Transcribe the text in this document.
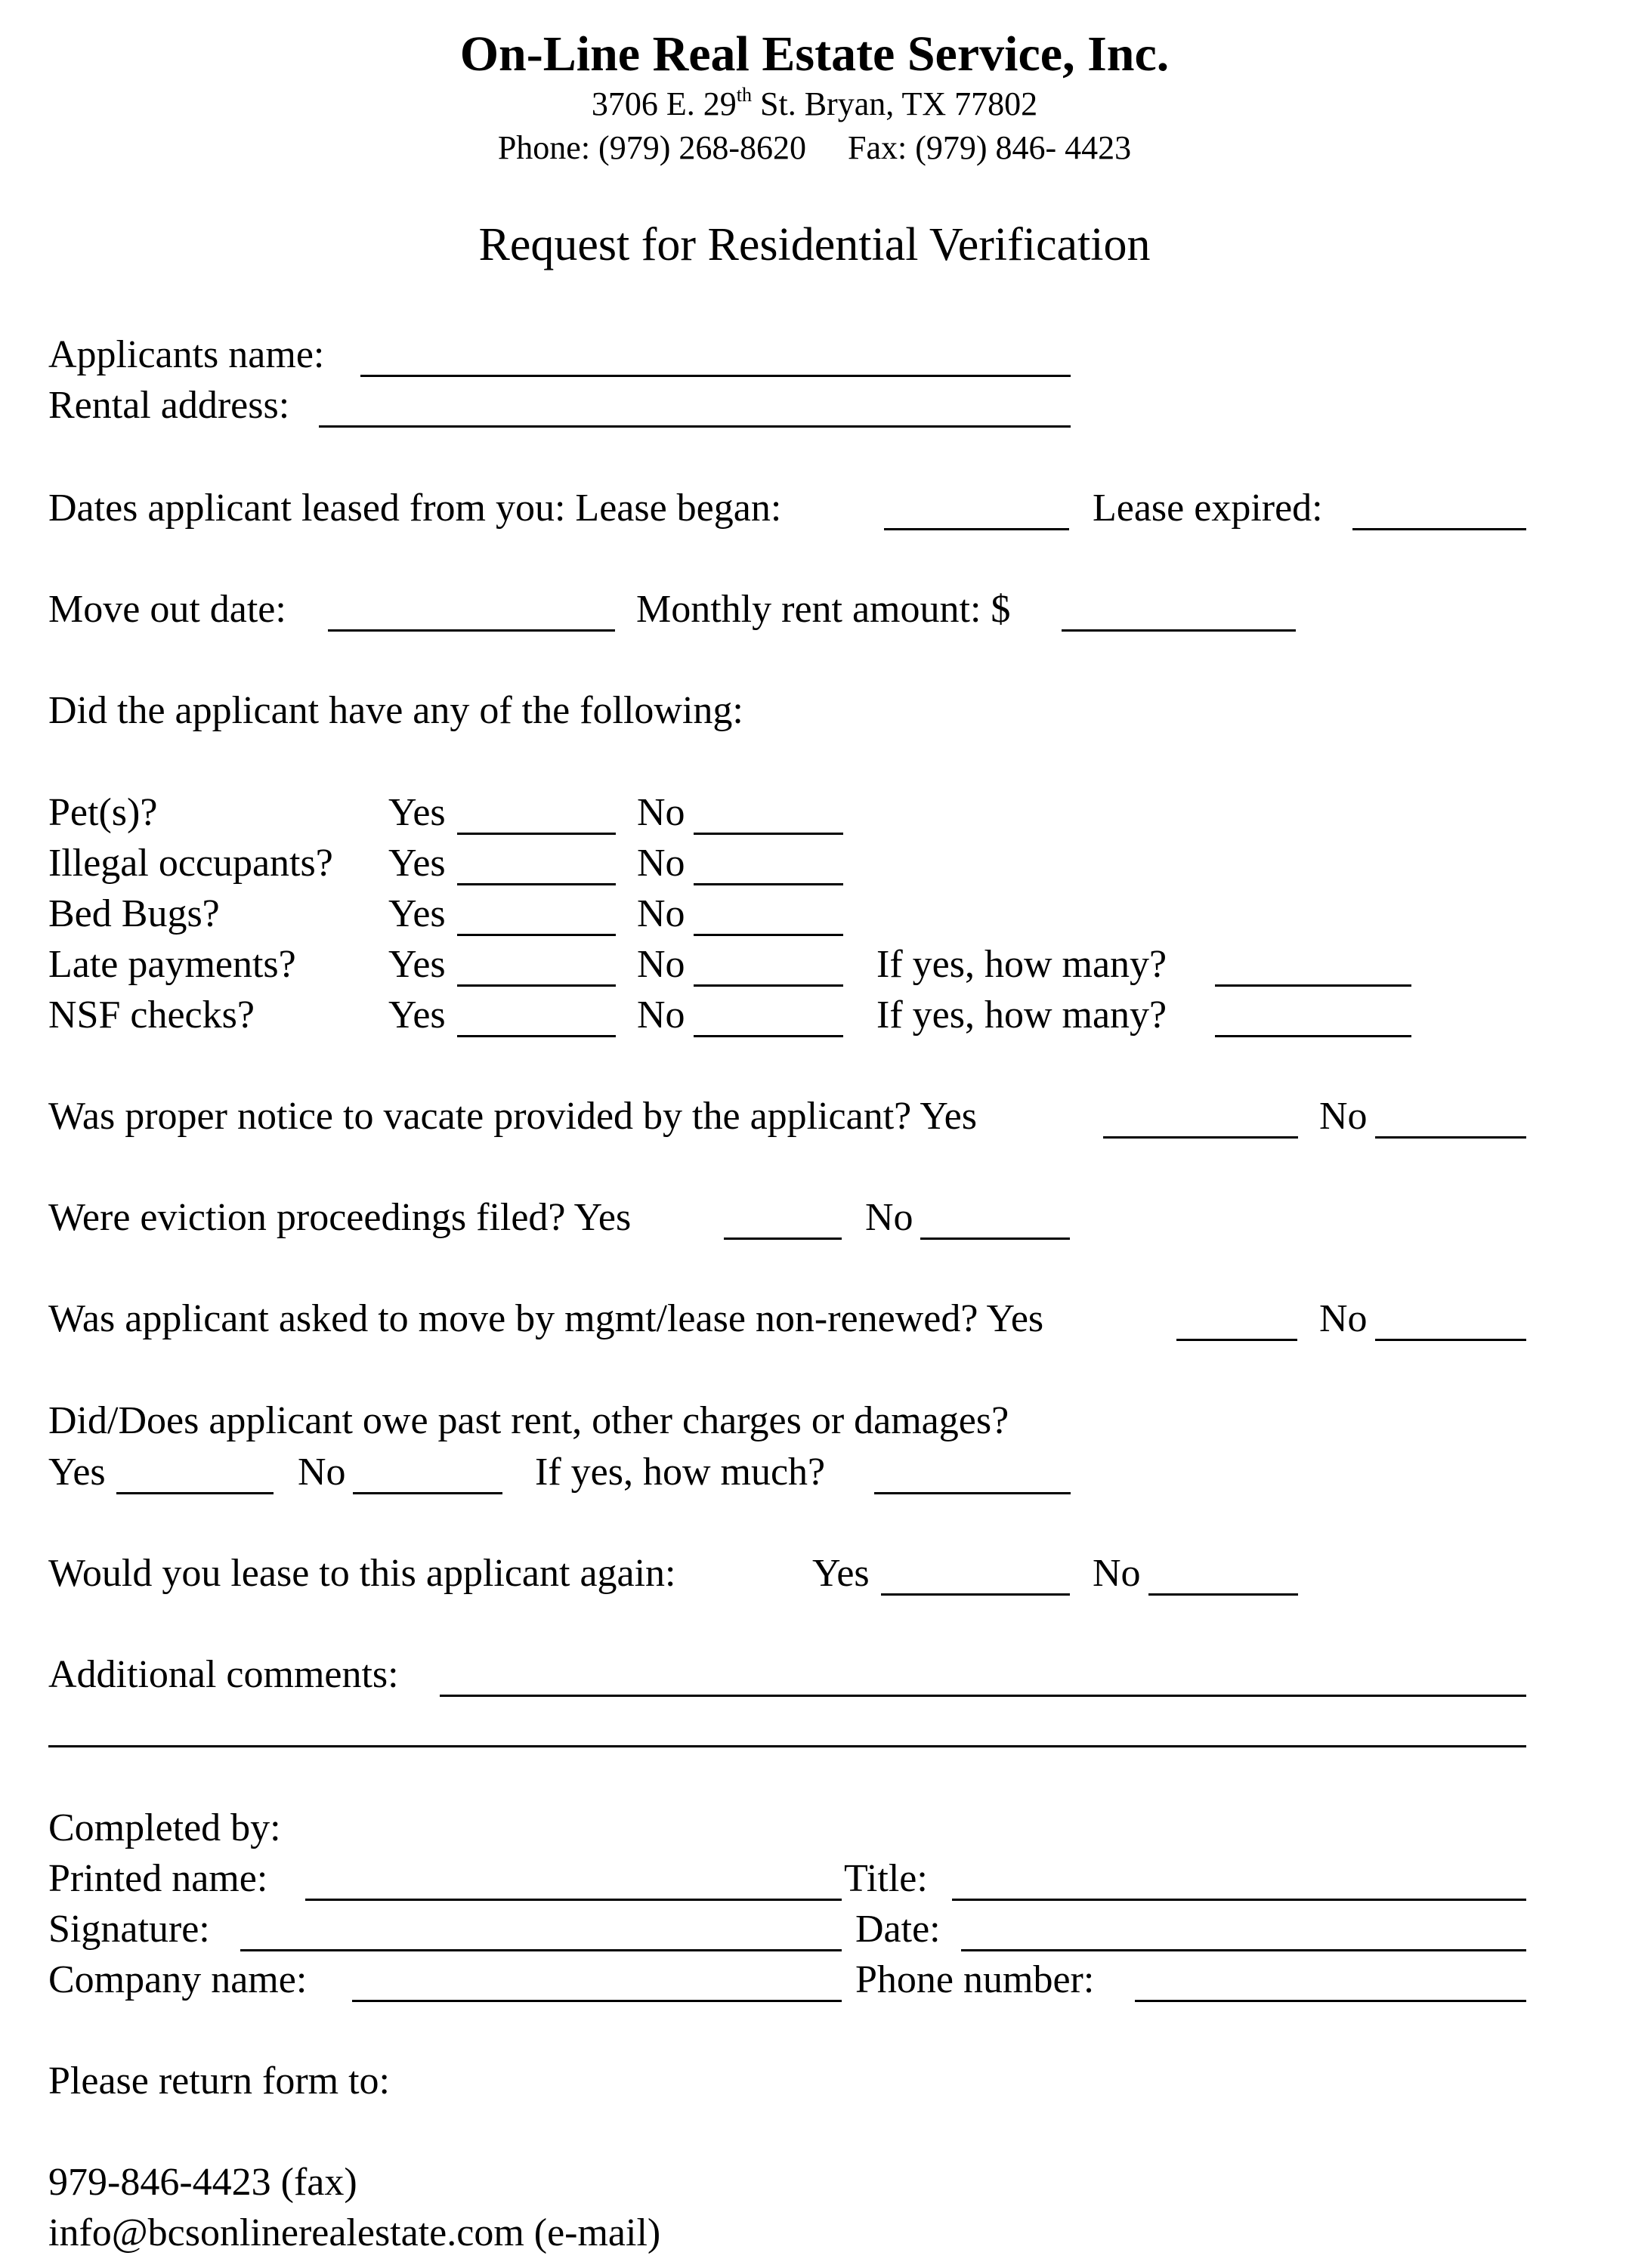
On-Line Real Estate Service, Inc.
3706 E. 29th St. Bryan, TX 77802
Phone: (979) 268-8620     Fax: (979) 846- 4423
Request for Residential Verification
Applicants name:
Rental address:
Dates applicant leased from you: Lease began:	Lease expired:
Move out date:	Monthly rent amount: $
Did the applicant have any of the following:
Pet(s)?	Yes	No
Illegal occupants? Yes	No
Bed Bugs?	Yes	No
Late payments? Yes	No	If yes, how many?
NSF checks?	Yes	No	If yes, how many?
Was proper notice to vacate provided by the applicant? Yes	No
Were eviction proceedings filed? Yes	No
Was applicant asked to move by mgmt/lease non-renewed? Yes	No
Did/Does applicant owe past rent, other charges or damages?
Yes	No	If yes, how much?
Would you lease to this applicant again:	Yes	No
Additional comments:
Completed by:
Printed name:	Title:
Signature:	Date:
Company name:	Phone number:
Please return form to:
979-846-4423 (fax)
info@bcsonlinerealestate.com (e-mail)
